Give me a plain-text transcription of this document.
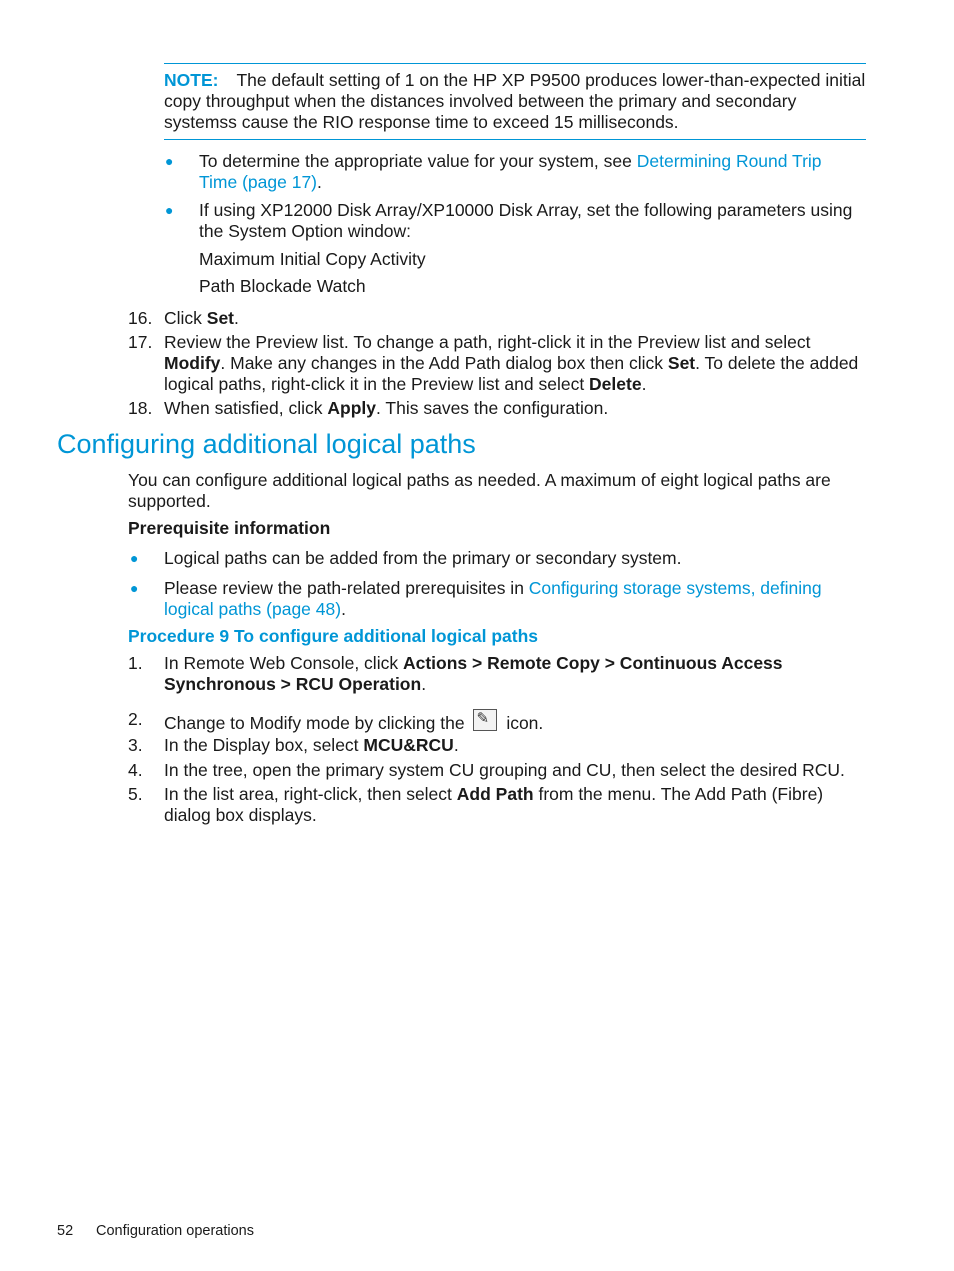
NOTE: The default setting of 1 on the HP XP P9500 produces lower-than-expected initial copy throughput when the distances involved between the primary and secondary systemss cause the RIO response time to exceed 15 milliseconds.
● To determine the appropriate value for your system, see Determining Round Trip Time (page 17).
● If using XP12000 Disk Array/XP10000 Disk Array, set the following parameters using the System Option window:
Maximum Initial Copy Activity
Path Blockade Watch
16. Click Set.
17. Review the Preview list. To change a path, right-click it in the Preview list and select Modify. Make any changes in the Add Path dialog box then click Set. To delete the added logical paths, right-click it in the Preview list and select Delete.
18. When satisfied, click Apply. This saves the configuration.
Configuring additional logical paths
You can configure additional logical paths as needed. A maximum of eight logical paths are supported.
Prerequisite information
● Logical paths can be added from the primary or secondary system.
● Please review the path-related prerequisites in Configuring storage systems, defining logical paths (page 48).
Procedure 9 To configure additional logical paths
1. In Remote Web Console, click Actions > Remote Copy > Continuous Access Synchronous > RCU Operation.
2. Change to Modify mode by clicking the ✎ icon.
3. In the Display box, select MCU&RCU.
4. In the tree, open the primary system CU grouping and CU, then select the desired RCU.
5. In the list area, right-click, then select Add Path from the menu. The Add Path (Fibre) dialog box displays.
52 Configuration operations
